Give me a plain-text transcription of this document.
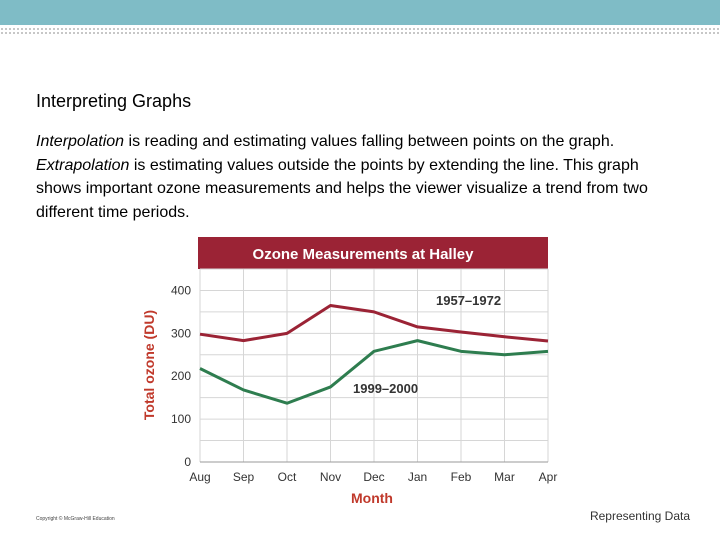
Interpreting Graphs
Interpolation is reading and estimating values falling between points on the graph. Extrapolation is estimating values outside the points by extending the line. This graph shows important ozone measurements and helps the viewer visualize a trend from two different time periods.
Ozone Measurements at Halley
0
100
200
300
400
Aug Sep Oct Nov Dec Jan Feb Mar Apr
1957–1972
1999–2000
Total ozone (DU)
Month
Copyright © McGraw-Hill Education	Representing Data
